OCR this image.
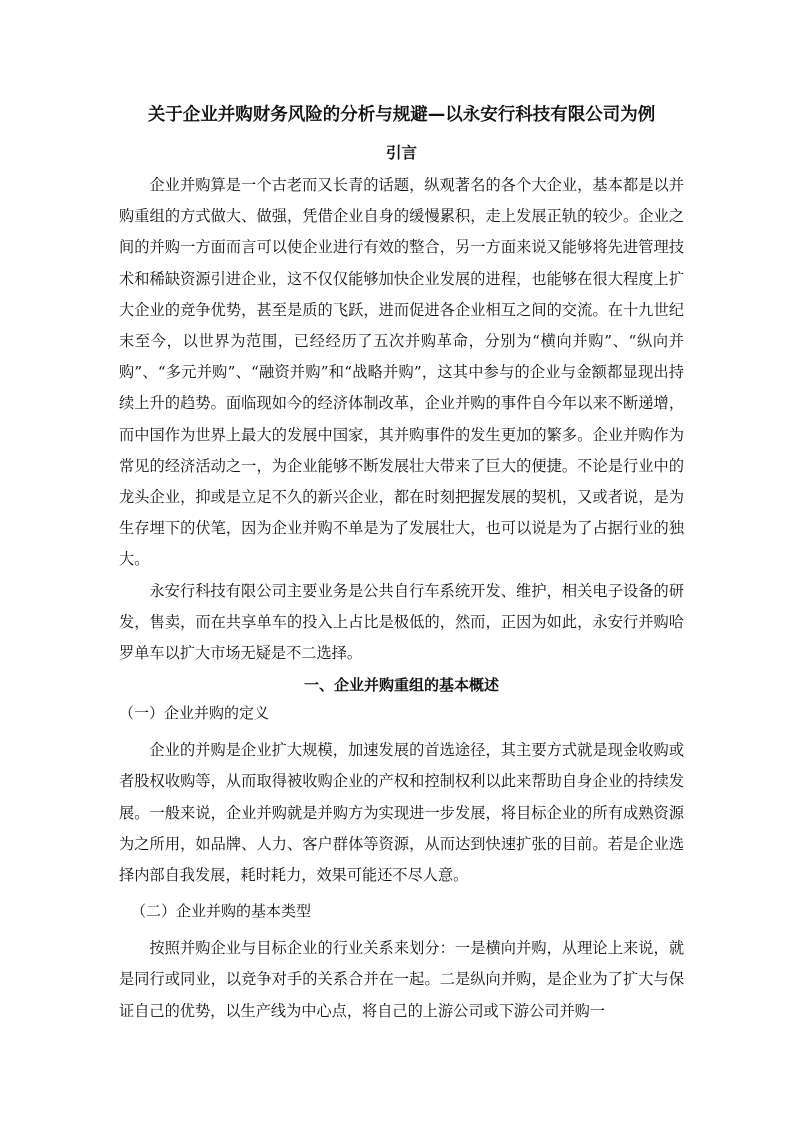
关于企业并购财务风险的分析与规避—以永安行科技有限公司为例
引言

企业并购算是一个古老而又长青的话题，纵观著名的各个大企业，基本都是以并购重组的方式做大、做强，凭借企业自身的缓慢累积，走上发展正轨的较少。企业之间的并购一方面而言可以使企业进行有效的整合，另一方面来说又能够将先进管理技术和稀缺资源引进企业，这不仅仅能够加快企业发展的进程，也能够在很大程度上扩大企业的竞争优势，甚至是质的飞跃，进而促进各企业相互之间的交流。在十九世纪末至今，以世界为范围，已经经历了五次并购革命，分别为“横向并购”、“纵向并购”、“多元并购”、“融资并购”和“战略并购”，这其中参与的企业与金额都显现出持续上升的趋势。面临现如今的经济体制改革，企业并购的事件自今年以来不断递增，而中国作为世界上最大的发展中国家，其并购事件的发生更加的繁多。企业并购作为常见的经济活动之一，为企业能够不断发展壮大带来了巨大的便捷。不论是行业中的龙头企业，抑或是立足不久的新兴企业，都在时刻把握发展的契机，又或者说，是为生存埋下的伏笔，因为企业并购不单是为了发展壮大，也可以说是为了占据行业的独大。

永安行科技有限公司主要业务是公共自行车系统开发、维护，相关电子设备的研发，售卖，而在共享单车的投入上占比是极低的，然而，正因为如此，永安行并购哈罗单车以扩大市场无疑是不二选择。

一、企业并购重组的基本概述
（一）企业并购的定义

企业的并购是企业扩大规模，加速发展的首选途径，其主要方式就是现金收购或者股权收购等，从而取得被收购企业的产权和控制权利以此来帮助自身企业的持续发展。一般来说，企业并购就是并购方为实现进一步发展，将目标企业的所有成熟资源为之所用，如品牌、人力、客户群体等资源，从而达到快速扩张的目前。若是企业选择内部自我发展，耗时耗力，效果可能还不尽人意。

（二）企业并购的基本类型

按照并购企业与目标企业的行业关系来划分：一是横向并购，从理论上来说，就是同行或同业，以竞争对手的关系合并在一起。二是纵向并购，是企业为了扩大与保证自己的优势，以生产线为中心点，将自己的上游公司或下游公司并购一
